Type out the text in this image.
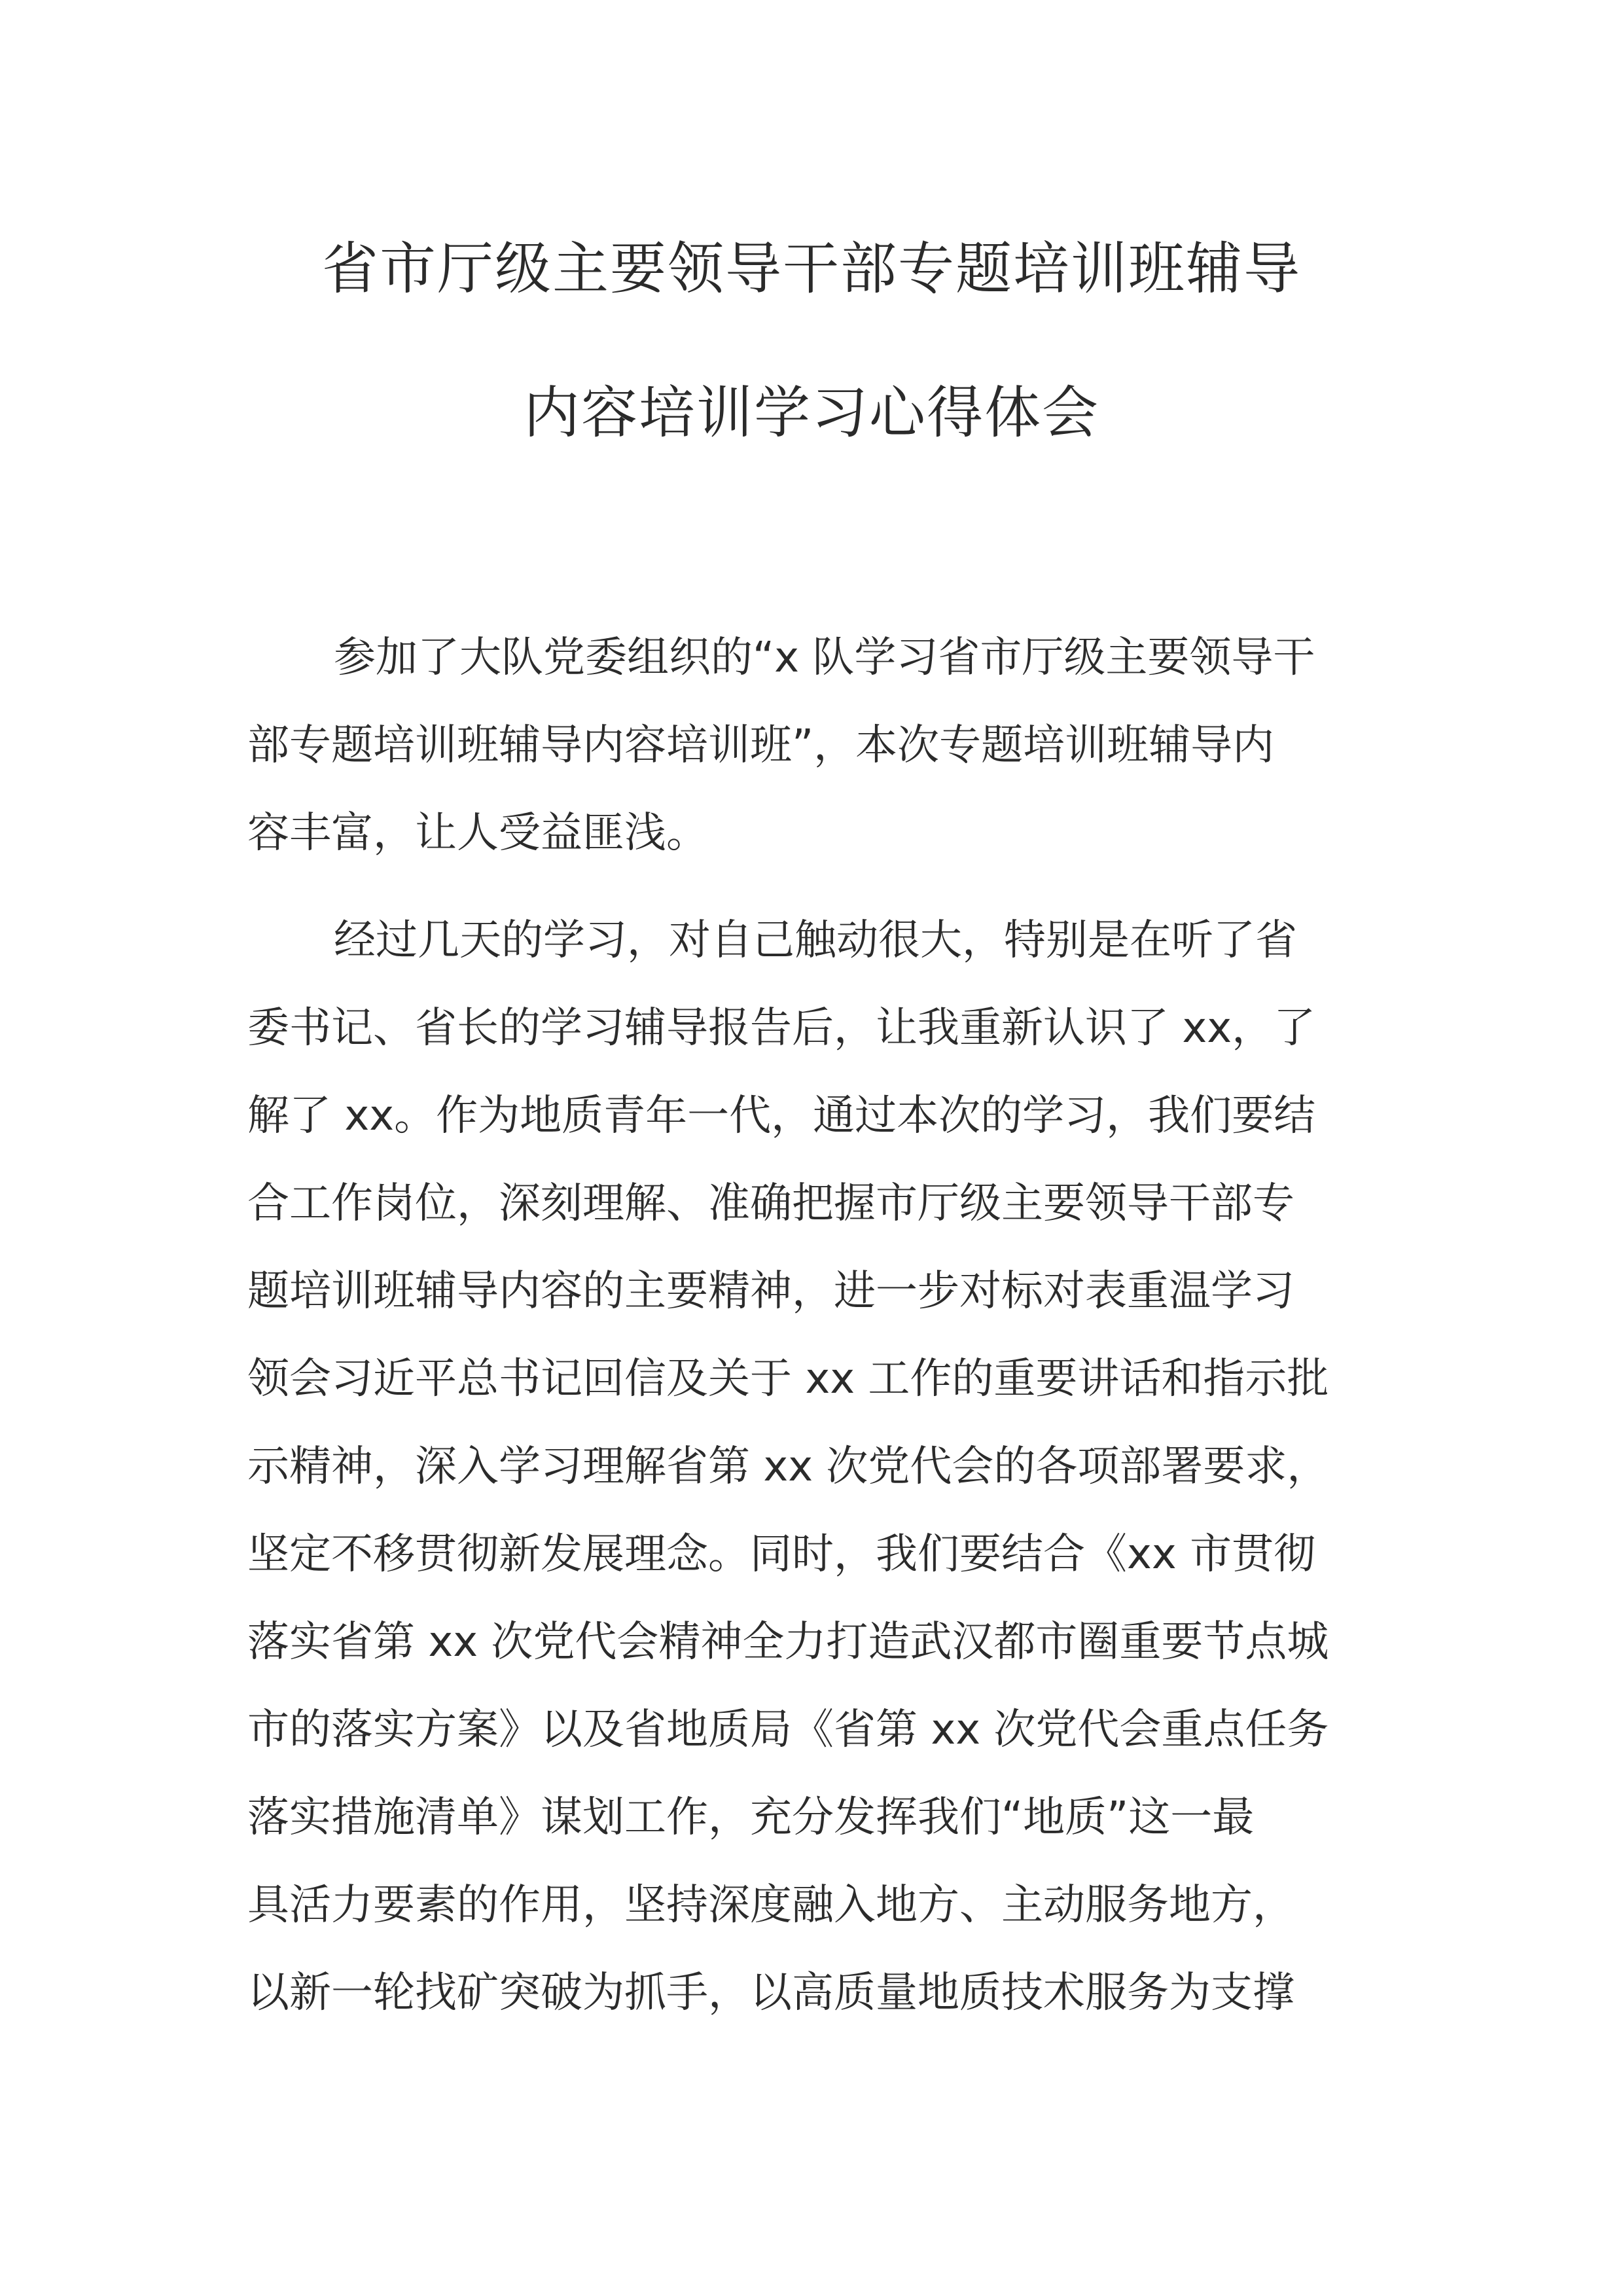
省市厅级主要领导干部专题培训班辅导
内容培训学习心得体会
参加了大队党委组织的“x 队学习省市厅级主要领导干
部专题培训班辅导内容培训班”，本次专题培训班辅导内
容丰富，让人受益匪浅。
经过几天的学习，对自己触动很大，特别是在听了省
委书记、省长的学习辅导报告后，让我重新认识了 xx，了
解了 xx。作为地质青年一代，通过本次的学习，我们要结
合工作岗位，深刻理解、准确把握市厅级主要领导干部专
题培训班辅导内容的主要精神，进一步对标对表重温学习
领会习近平总书记回信及关于 xx 工作的重要讲话和指示批
示精神，深入学习理解省第 xx 次党代会的各项部署要求，
坚定不移贯彻新发展理念。同时，我们要结合《xx 市贯彻
落实省第 xx 次党代会精神全力打造武汉都市圈重要节点城
市的落实方案》以及省地质局《省第 xx 次党代会重点任务
落实措施清单》谋划工作，充分发挥我们“地质”这一最
具活力要素的作用，坚持深度融入地方、主动服务地方，
以新一轮找矿突破为抓手，以高质量地质技术服务为支撑
